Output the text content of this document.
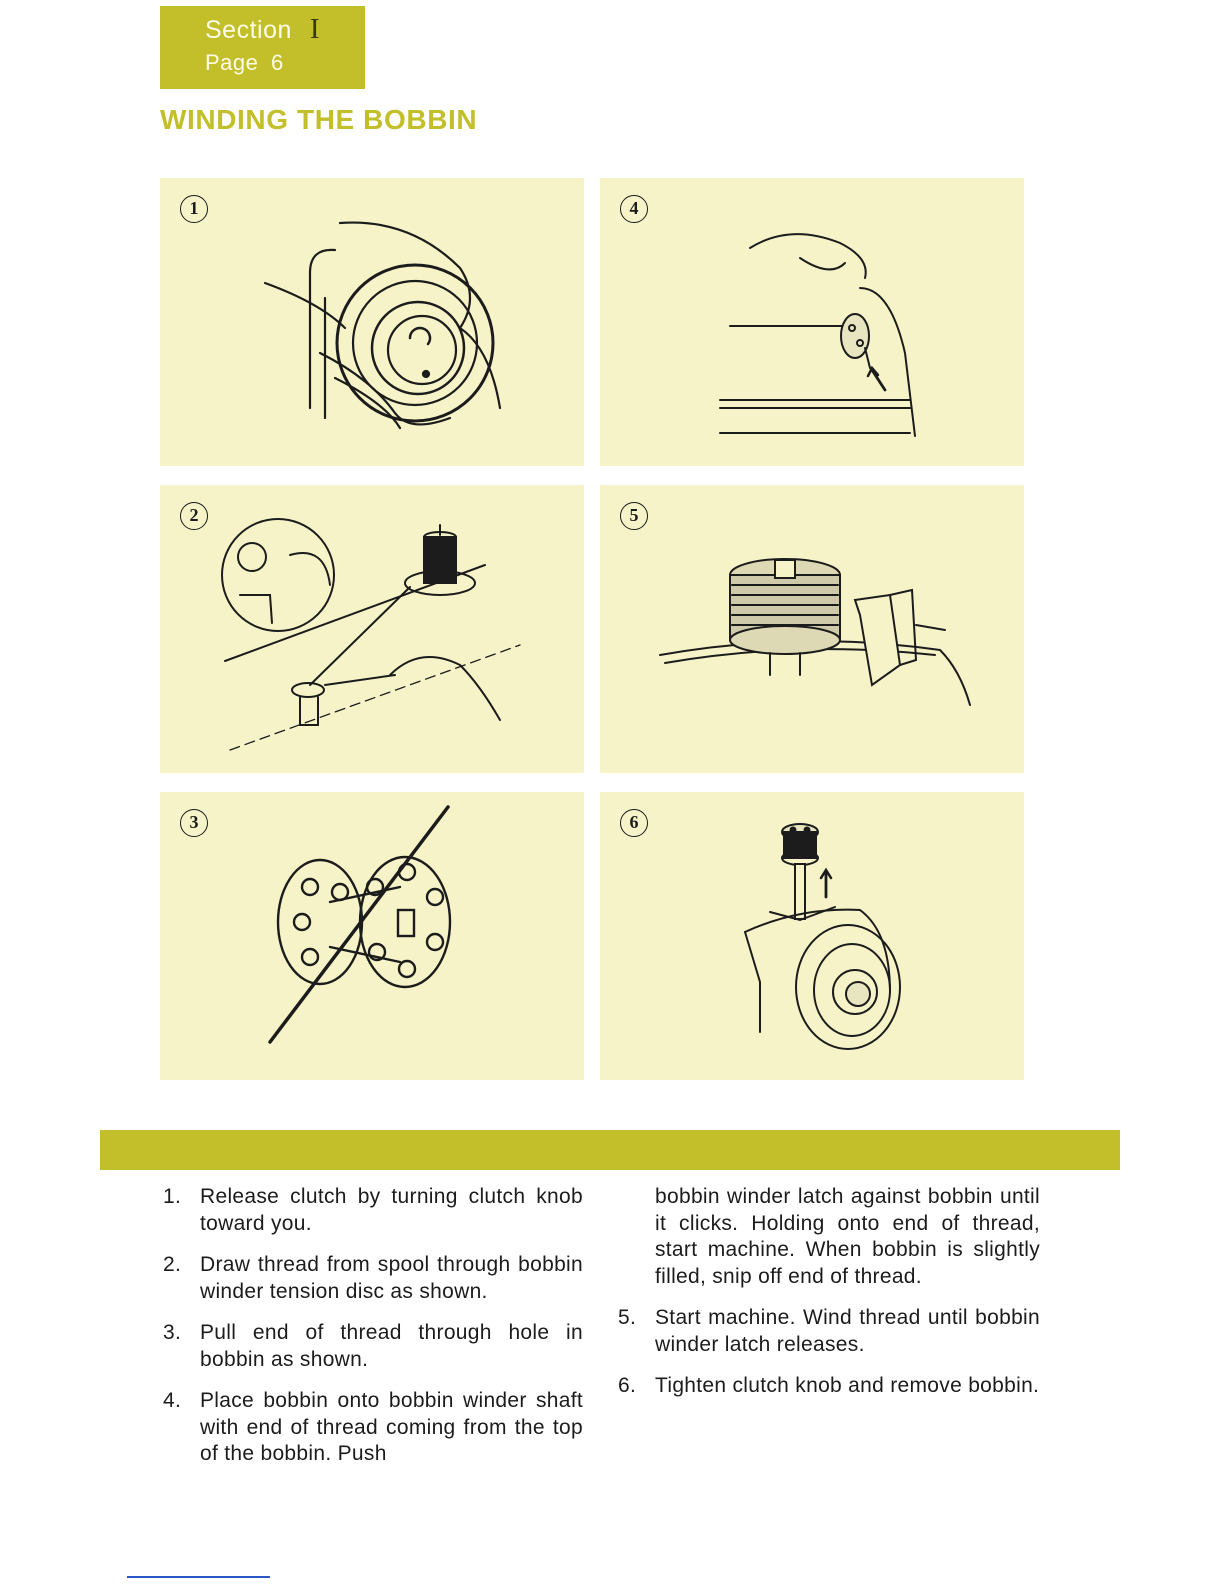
Section I
Page 6
WINDING THE BOBBIN
1
2
3
4
5
6
1. Release clutch by turning clutch knob toward you.
2. Draw thread from spool through bobbin winder tension disc as shown.
3. Pull end of thread through hole in bobbin as shown.
4. Place bobbin onto bobbin winder shaft with end of thread coming from the top of the bobbin. Push
bobbin winder latch against bobbin until it clicks. Holding onto end of thread, start machine. When bobbin is slightly filled, snip off end of thread.
5. Start machine. Wind thread until bobbin winder latch releases.
6. Tighten clutch knob and remove bobbin.
